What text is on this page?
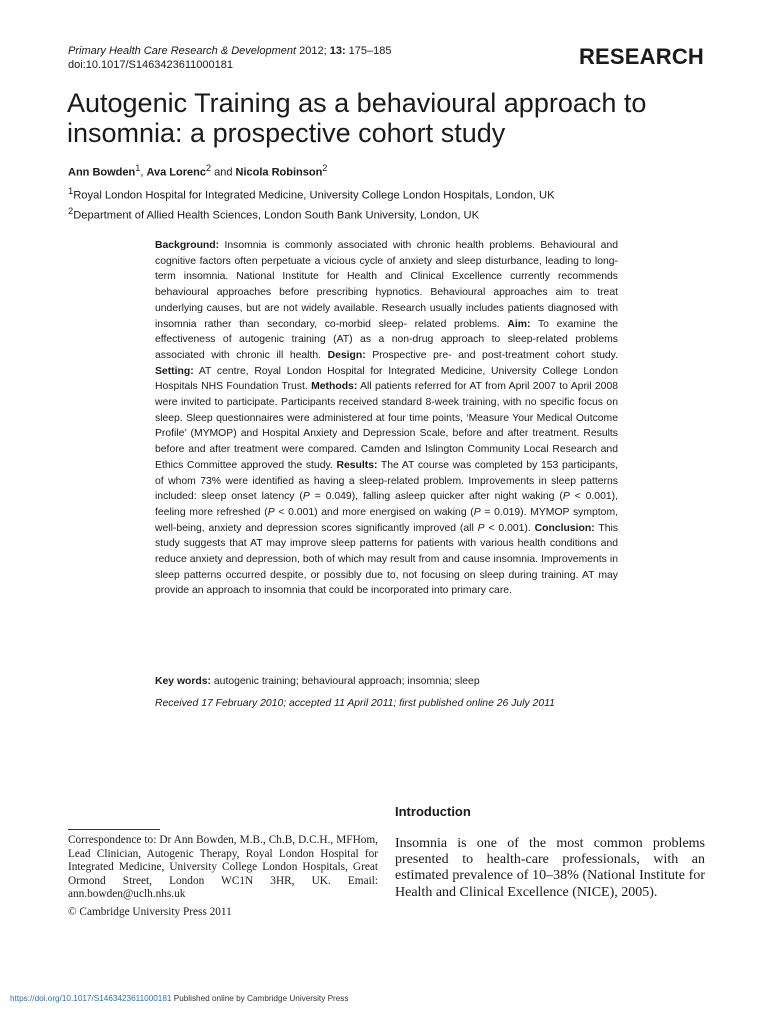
Primary Health Care Research & Development 2012; 13: 175–185
doi:10.1017/S1463423611000181	RESEARCH
Autogenic Training as a behavioural approach to insomnia: a prospective cohort study
Ann Bowden$^1$, Ava Lorenc$^2$ and Nicola Robinson$^2$
$^1$Royal London Hospital for Integrated Medicine, University College London Hospitals, London, UK
$^2$Department of Allied Health Sciences, London South Bank University, London, UK
Background: Insomnia is commonly associated with chronic health problems. Behavioural and cognitive factors often perpetuate a vicious cycle of anxiety and sleep disturbance, leading to long-term insomnia. National Institute for Health and Clinical Excellence currently recommends behavioural approaches before prescribing hypnotics. Behavioural approaches aim to treat underlying causes, but are not widely available. Research usually includes patients diagnosed with insomnia rather than secondary, co-morbid sleep- related problems. Aim: To examine the effectiveness of autogenic training (AT) as a non-drug approach to sleep-related problems associated with chronic ill health. Design: Prospective pre- and post-treatment cohort study. Setting: AT centre, Royal London Hospital for Integrated Medicine, University College London Hospitals NHS Foundation Trust. Methods: All patients referred for AT from April 2007 to April 2008 were invited to participate. Participants received standard 8-week training, with no specific focus on sleep. Sleep questionnaires were administered at four time points, ‘Measure Your Medical Outcome Profile’ (MYMOP) and Hospital Anxiety and Depression Scale, before and after treatment. Results before and after treatment were compared. Camden and Islington Community Local Research and Ethics Committee approved the study. Results: The AT course was completed by 153 participants, of whom 73% were identified as having a sleep-related problem. Improvements in sleep patterns included: sleep onset latency (P = 0.049), falling asleep quicker after night waking (P < 0.001), feeling more refreshed (P < 0.001) and more energised on waking (P = 0.019). MYMOP symptom, well-being, anxiety and depression scores significantly improved (all P < 0.001). Conclusion: This study suggests that AT may improve sleep patterns for patients with various health conditions and reduce anxiety and depression, both of which may result from and cause insomnia. Improvements in sleep patterns occurred despite, or possibly due to, not focusing on sleep during training. AT may provide an approach to insomnia that could be incorporated into primary care.
Key words: autogenic training; behavioural approach; insomnia; sleep
Received 17 February 2010; accepted 11 April 2011; first published online 26 July 2011
Introduction
Correspondence to: Dr Ann Bowden, M.B., Ch.B, D.C.H., MFHom, Lead Clinician, Autogenic Therapy, Royal London Hospital for Integrated Medicine, University College London Hospitals, Great Ormond Street, London WC1N 3HR, UK. Email: ann.bowden@uclh.nhs.uk
© Cambridge University Press 2011
Insomnia is one of the most common problems presented to health-care professionals, with an estimated prevalence of 10–38% (National Institute for Health and Clinical Excellence (NICE), 2005).
https://doi.org/10.1017/S1463423611000181 Published online by Cambridge University Press
